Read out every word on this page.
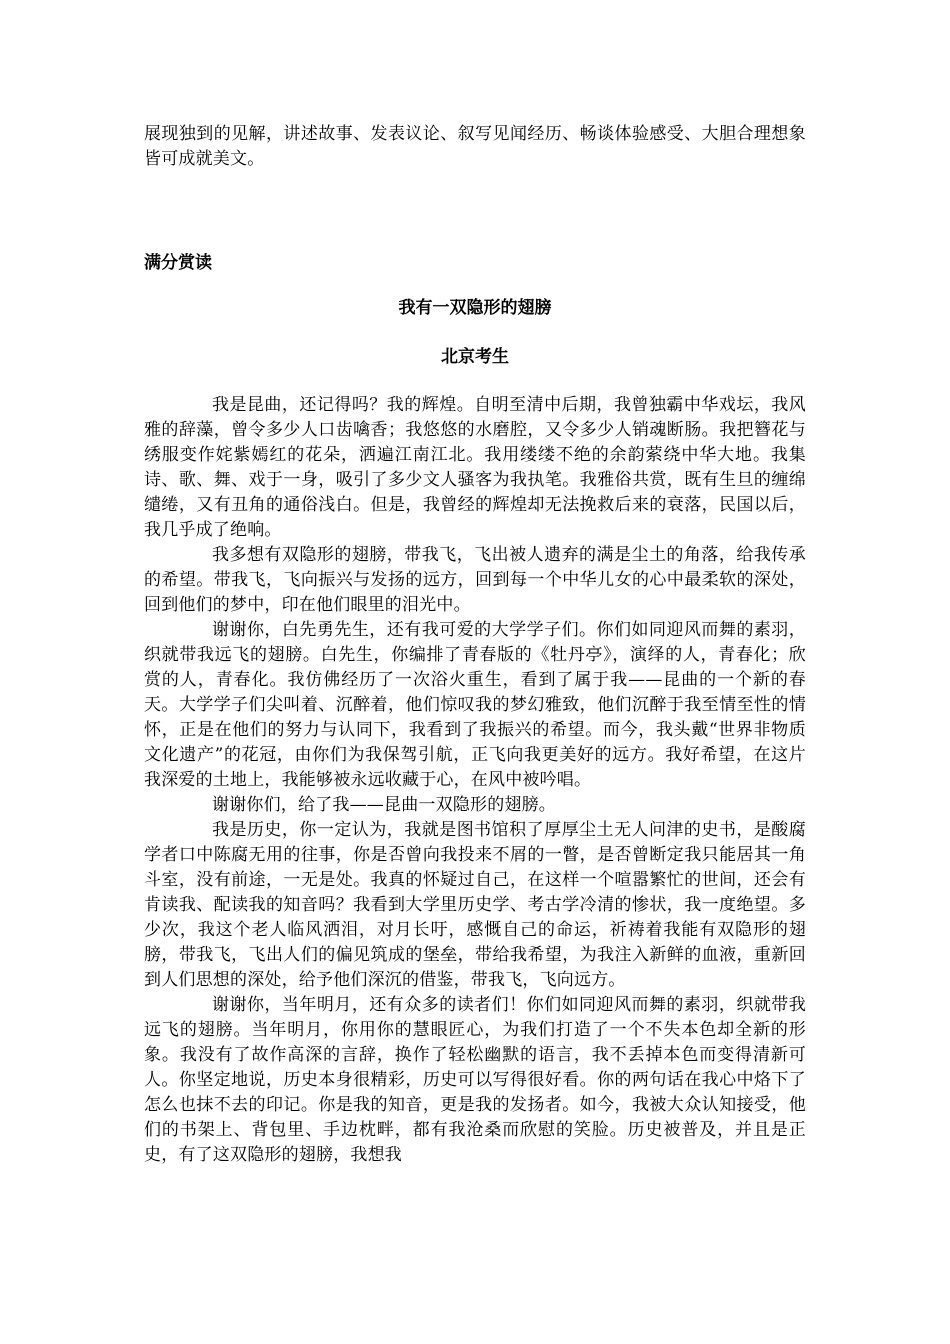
展现独到的见解，讲述故事、发表议论、叙写见闻经历、畅谈体验感受、大胆合理想象皆可成就美文。

满分赏读

我有一双隐形的翅膀

北京考生

我是昆曲，还记得吗？我的辉煌。自明至清中后期，我曾独霸中华戏坛，我风雅的辞藻，曾令多少人口齿噙香；我悠悠的水磨腔，又令多少人销魂断肠。我把簪花与绣服变作姹紫嫣红的花朵，洒遍江南江北。我用缕缕不绝的余韵萦绕中华大地。我集诗、歌、舞、戏于一身，吸引了多少文人骚客为我执笔。我雅俗共赏，既有生旦的缠绵缱绻，又有丑角的通俗浅白。但是，我曾经的辉煌却无法挽救后来的衰落，民国以后，我几乎成了绝响。

我多想有双隐形的翅膀，带我飞，飞出被人遗弃的满是尘土的角落，给我传承的希望。带我飞，飞向振兴与发扬的远方，回到每一个中华儿女的心中最柔软的深处，回到他们的梦中，印在他们眼里的泪光中。

谢谢你，白先勇先生，还有我可爱的大学学子们。你们如同迎风而舞的素羽，织就带我远飞的翅膀。白先生，你编排了青春版的《牡丹亭》，演绎的人，青春化；欣赏的人，青春化。我仿佛经历了一次浴火重生，看到了属于我——昆曲的一个新的春天。大学学子们尖叫着、沉醉着，他们惊叹我的梦幻雅致，他们沉醉于我至情至性的情怀，正是在他们的努力与认同下，我看到了我振兴的希望。而今，我头戴“世界非物质文化遗产”的花冠，由你们为我保驾引航，正飞向我更美好的远方。我好希望，在这片我深爱的土地上，我能够被永远收藏于心，在风中被吟唱。

谢谢你们，给了我——昆曲一双隐形的翅膀。

我是历史，你一定认为，我就是图书馆积了厚厚尘土无人问津的史书，是酸腐学者口中陈腐无用的往事，你是否曾向我投来不屑的一瞥，是否曾断定我只能居其一角斗室，没有前途，一无是处。我真的怀疑过自己，在这样一个喧嚣繁忙的世间，还会有肯读我、配读我的知音吗？我看到大学里历史学、考古学冷清的惨状，我一度绝望。多少次，我这个老人临风洒泪，对月长吁，感慨自己的命运，祈祷着我能有双隐形的翅膀，带我飞，飞出人们的偏见筑成的堡垒，带给我希望，为我注入新鲜的血液，重新回到人们思想的深处，给予他们深沉的借鉴，带我飞，飞向远方。

谢谢你，当年明月，还有众多的读者们！你们如同迎风而舞的素羽，织就带我远飞的翅膀。当年明月，你用你的慧眼匠心，为我们打造了一个不失本色却全新的形象。我没有了故作高深的言辞，换作了轻松幽默的语言，我不丢掉本色而变得清新可人。你坚定地说，历史本身很精彩，历史可以写得很好看。你的两句话在我心中烙下了怎么也抹不去的印记。你是我的知音，更是我的发扬者。如今，我被大众认知接受，他们的书架上、背包里、手边枕畔，都有我沧桑而欣慰的笑脸。历史被普及，并且是正史，有了这双隐形的翅膀，我想我
